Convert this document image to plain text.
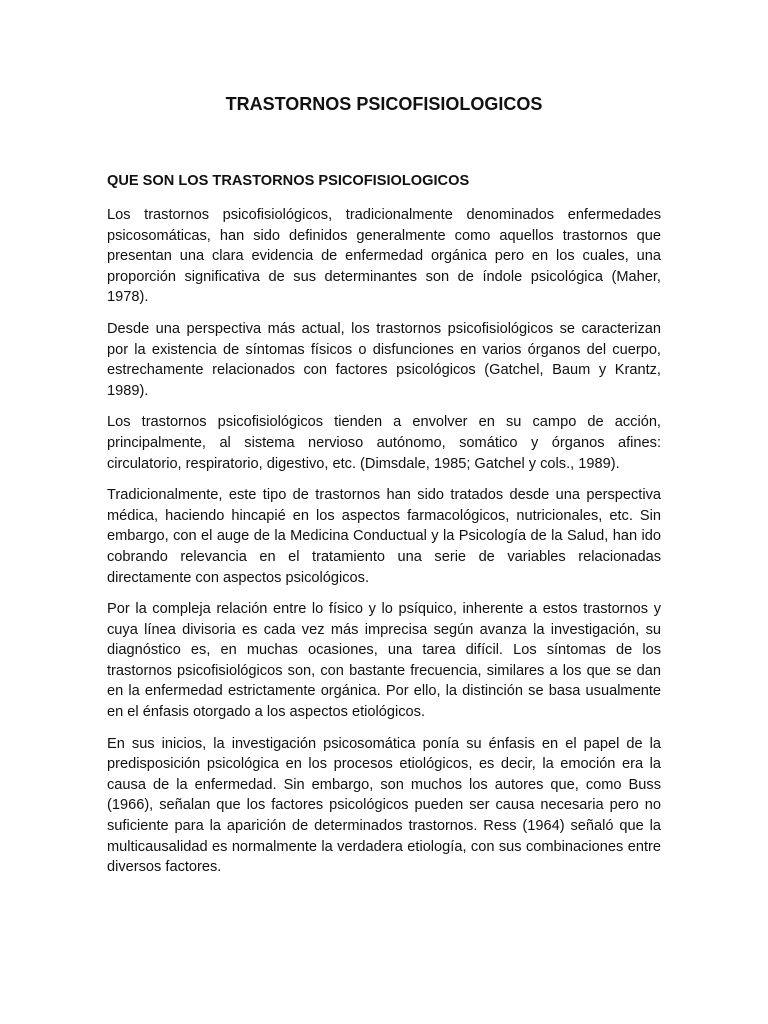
TRASTORNOS PSICOFISIOLOGICOS
QUE SON LOS TRASTORNOS PSICOFISIOLOGICOS

Los trastornos psicofisiológicos, tradicionalmente denominados enfermedades psicosomáticas, han sido definidos generalmente como aquellos trastornos que presentan una clara evidencia de enfermedad orgánica pero en los cuales, una proporción significativa de sus determinantes son de índole psicológica (Maher, 1978).

Desde una perspectiva más actual, los trastornos psicofisiológicos se caracterizan por la existencia de síntomas físicos o disfunciones en varios órganos del cuerpo, estrechamente relacionados con factores psicológicos (Gatchel, Baum y Krantz, 1989).

Los trastornos psicofisiológicos tienden a envolver en su campo de acción, principalmente, al sistema nervioso autónomo, somático y órganos afines: circulatorio, respiratorio, digestivo, etc. (Dimsdale, 1985; Gatchel y cols., 1989).

Tradicionalmente, este tipo de trastornos han sido tratados desde una perspectiva médica, haciendo hincapié en los aspectos farmacológicos, nutricionales, etc. Sin embargo, con el auge de la Medicina Conductual y la Psicología de la Salud, han ido cobrando relevancia en el tratamiento una serie de variables relacionadas directamente con aspectos psicológicos.

Por la compleja relación entre lo físico y lo psíquico, inherente a estos trastornos y cuya línea divisoria es cada vez más imprecisa según avanza la investigación, su diagnóstico es, en muchas ocasiones, una tarea difícil. Los síntomas de los trastornos psicofisiológicos son, con bastante frecuencia, similares a los que se dan en la enfermedad estrictamente orgánica. Por ello, la distinción se basa usualmente en el énfasis otorgado a los aspectos etiológicos.

En sus inicios, la investigación psicosomática ponía su énfasis en el papel de la predisposición psicológica en los procesos etiológicos, es decir, la emoción era la causa de la enfermedad. Sin embargo, son muchos los autores que, como Buss (1966), señalan que los factores psicológicos pueden ser causa necesaria pero no suficiente para la aparición de determinados trastornos. Ress (1964) señaló que la multicausalidad es normalmente la verdadera etiología, con sus combinaciones entre diversos factores.
